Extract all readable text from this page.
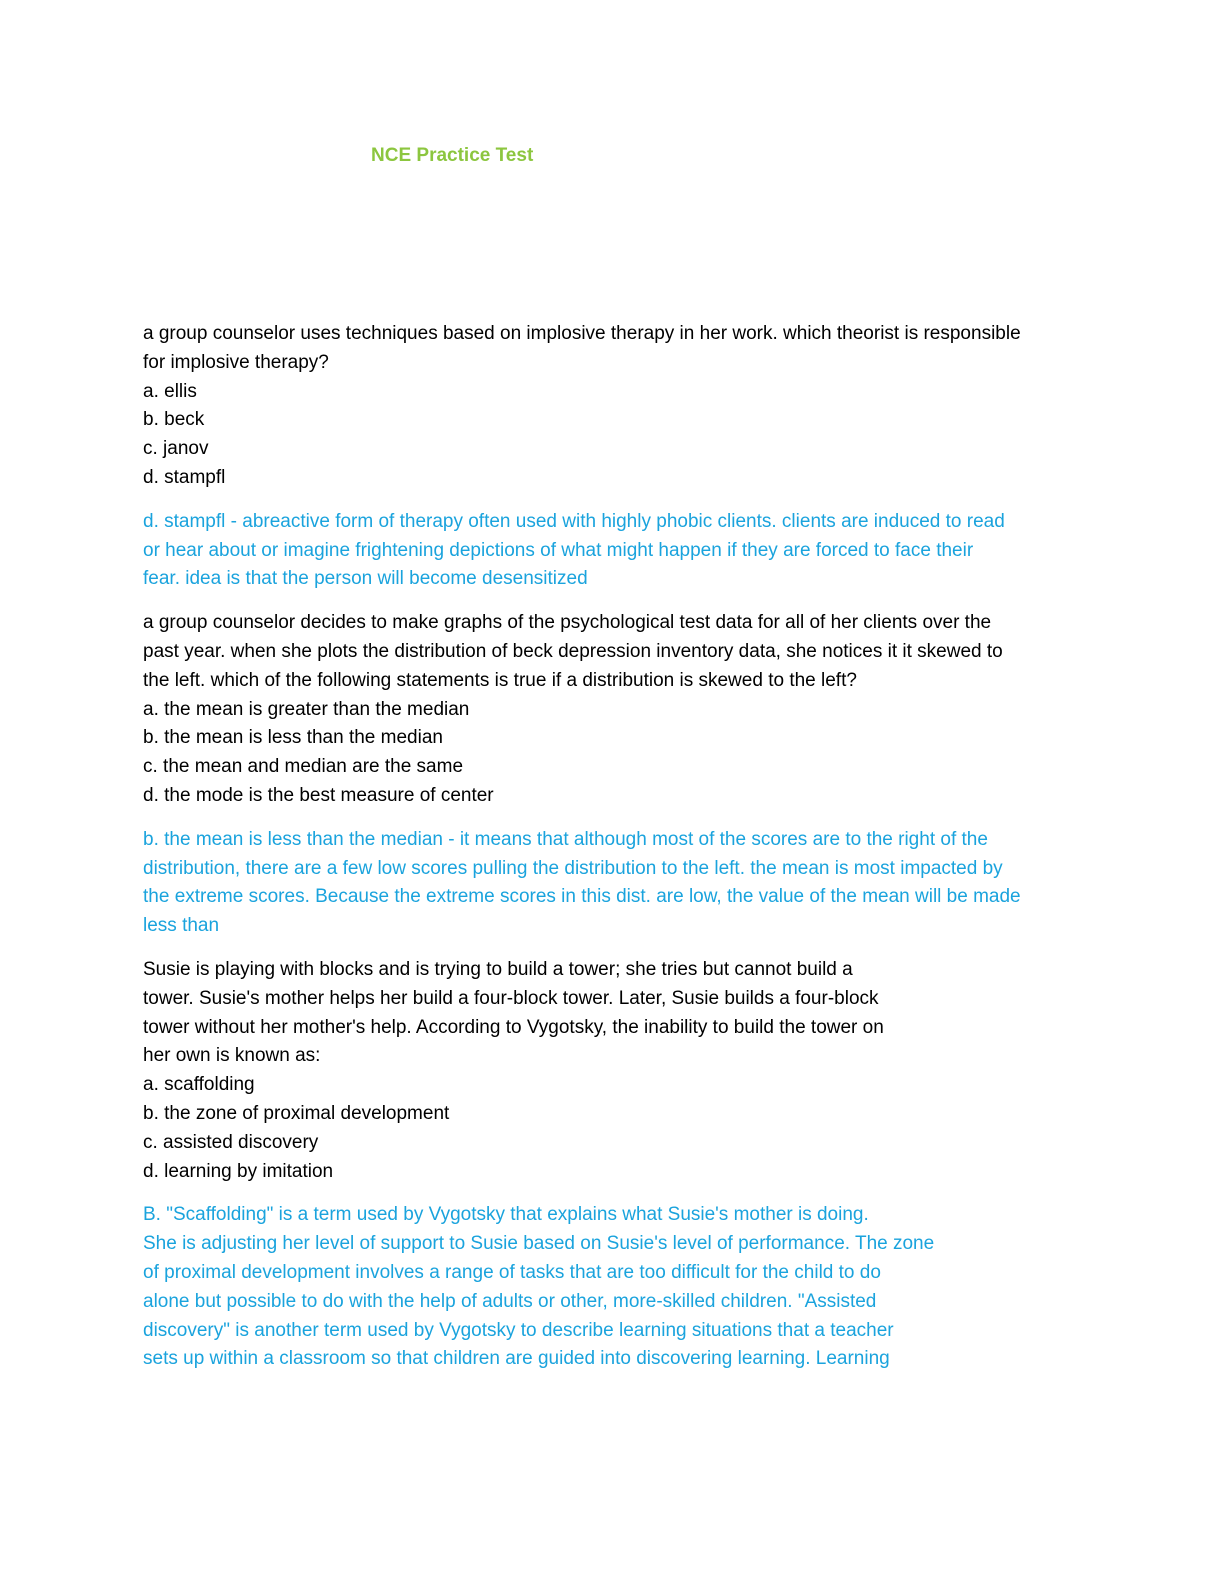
NCE Practice Test
a group counselor uses techniques based on implosive therapy in her work. which theorist is responsible
for implosive therapy?
a. ellis
b. beck
c. janov
d. stampfl
d. stampfl - abreactive form of therapy often used with highly phobic clients. clients are induced to read
or hear about or imagine frightening depictions of what might happen if they are forced to face their
fear. idea is that the person will become desensitized
a group counselor decides to make graphs of the psychological test data for all of her clients over the
past year. when she plots the distribution of beck depression inventory data, she notices it it skewed to
the left. which of the following statements is true if a distribution is skewed to the left?
a. the mean is greater than the median
b. the mean is less than the median
c. the mean and median are the same
d. the mode is the best measure of center
b. the mean is less than the median - it means that although most of the scores are to the right of the
distribution, there are a few low scores pulling the distribution to the left. the mean is most impacted by
the extreme scores. Because the extreme scores in this dist. are low, the value of the mean will be made
less than
Susie is playing with blocks and is trying to build a tower; she tries but cannot build a
tower. Susie's mother helps her build a four-block tower. Later, Susie builds a four-block
tower without her mother's help. According to Vygotsky, the inability to build the tower on
her own is known as:
a. scaffolding
b. the zone of proximal development
c. assisted discovery
d. learning by imitation
B. "Scaffolding" is a term used by Vygotsky that explains what Susie's mother is doing.
She is adjusting her level of support to Susie based on Susie's level of performance. The zone
of proximal development involves a range of tasks that are too difficult for the child to do
alone but possible to do with the help of adults or other, more-skilled children. "Assisted
discovery" is another term used by Vygotsky to describe learning situations that a teacher
sets up within a classroom so that children are guided into discovering learning. Learning
